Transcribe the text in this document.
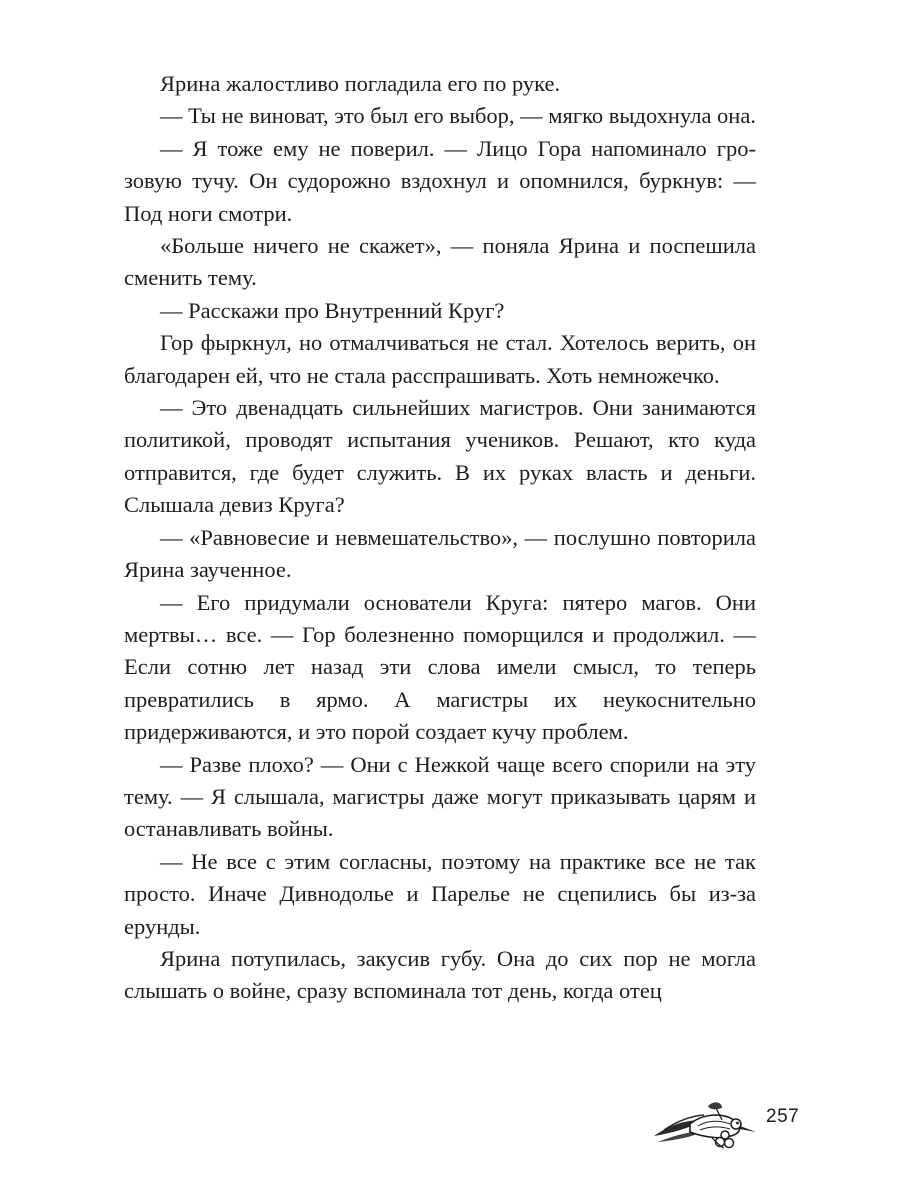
Ярина жалостливо погладила его по руке.

— Ты не виноват, это был его выбор, — мягко выдохнула она.

— Я тоже ему не поверил. — Лицо Гора напоминало грозовую тучу. Он судорожно вздохнул и опомнился, буркнув: — Под ноги смотри.

«Больше ничего не скажет», — поняла Ярина и поспешила сменить тему.

— Расскажи про Внутренний Круг?

Гор фыркнул, но отмалчиваться не стал. Хотелось верить, он благодарен ей, что не стала расспрашивать. Хоть немножечко.

— Это двенадцать сильнейших магистров. Они занимаются политикой, проводят испытания учеников. Решают, кто куда отправится, где будет служить. В их руках власть и деньги. Слышала девиз Круга?

— «Равновесие и невмешательство», — послушно повторила Ярина заученное.

— Его придумали основатели Круга: пятеро магов. Они мертвы… все. — Гор болезненно поморщился и продолжил. — Если сотню лет назад эти слова имели смысл, то теперь превратились в ярмо. А магистры их неукоснительно придерживаются, и это порой создает кучу проблем.

— Разве плохо? — Они с Нежкой чаще всего спорили на эту тему. — Я слышала, магистры даже могут приказывать царям и останавливать войны.

— Не все с этим согласны, поэтому на практике все не так просто. Иначе Дивнодолье и Парелье не сцепились бы из-за ерунды.

Ярина потупилась, закусив губу. Она до сих пор не могла слышать о войне, сразу вспоминала тот день, когда отец

257
